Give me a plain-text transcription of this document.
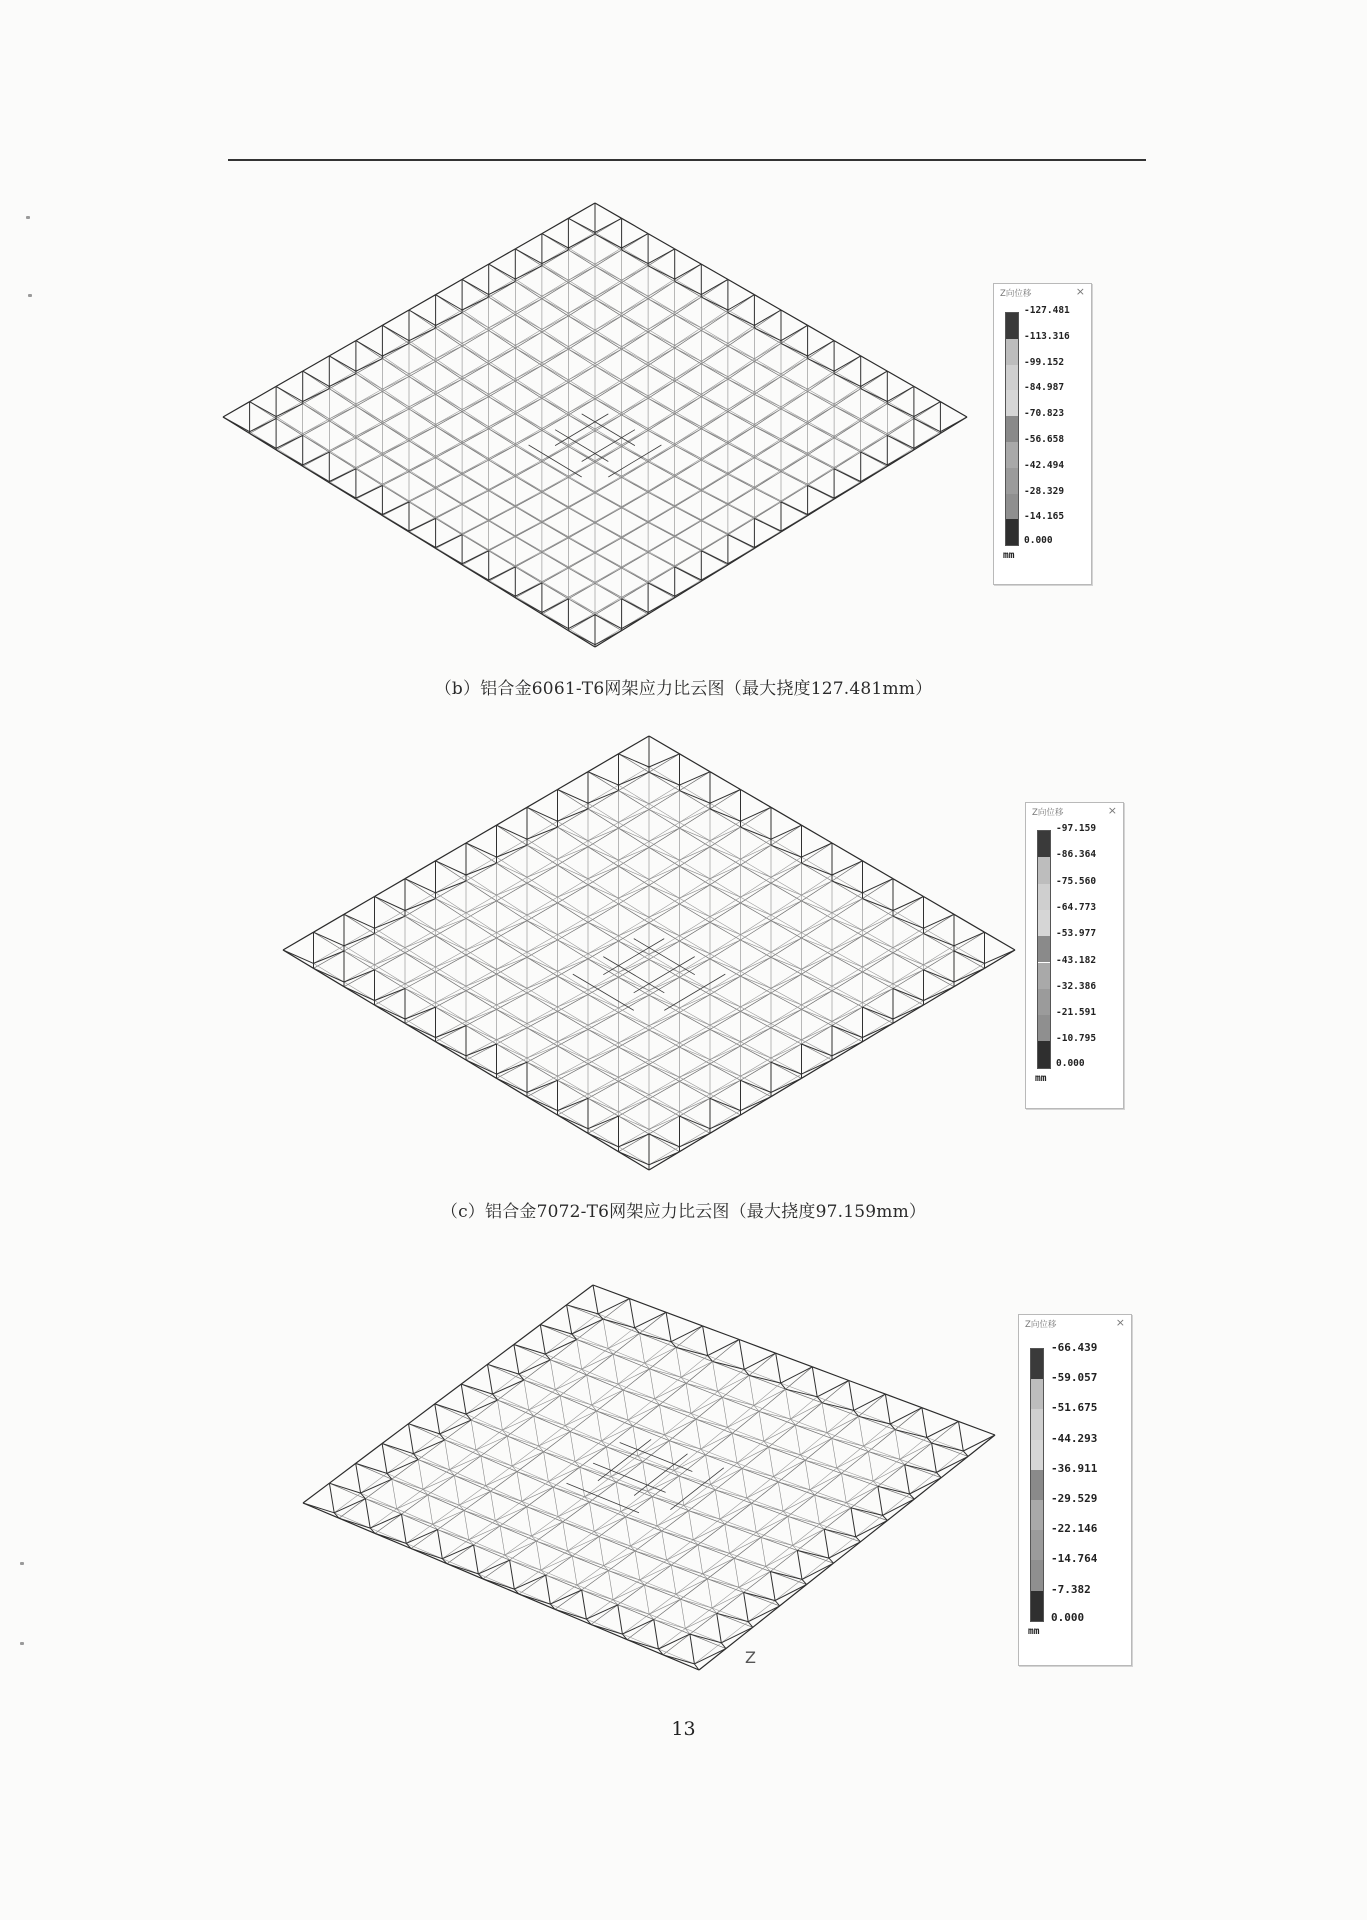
Z向位移	×
-127.481
-113.316
-99.152
-84.987
-70.823
-56.658
-42.494
-28.329
-14.165
0.000
mm
（b）铝合金6061-T6网架应力比云图（最大挠度127.481mm）
Z向位移	×
-97.159
-86.364
-75.560
-64.773
-53.977
-43.182
-32.386
-21.591
-10.795
0.000
mm
（c）铝合金7072-T6网架应力比云图（最大挠度97.159mm）
Z
Z向位移	×
-66.439
-59.057
-51.675
-44.293
-36.911
-29.529
-22.146
-14.764
-7.382
0.000
mm
13
